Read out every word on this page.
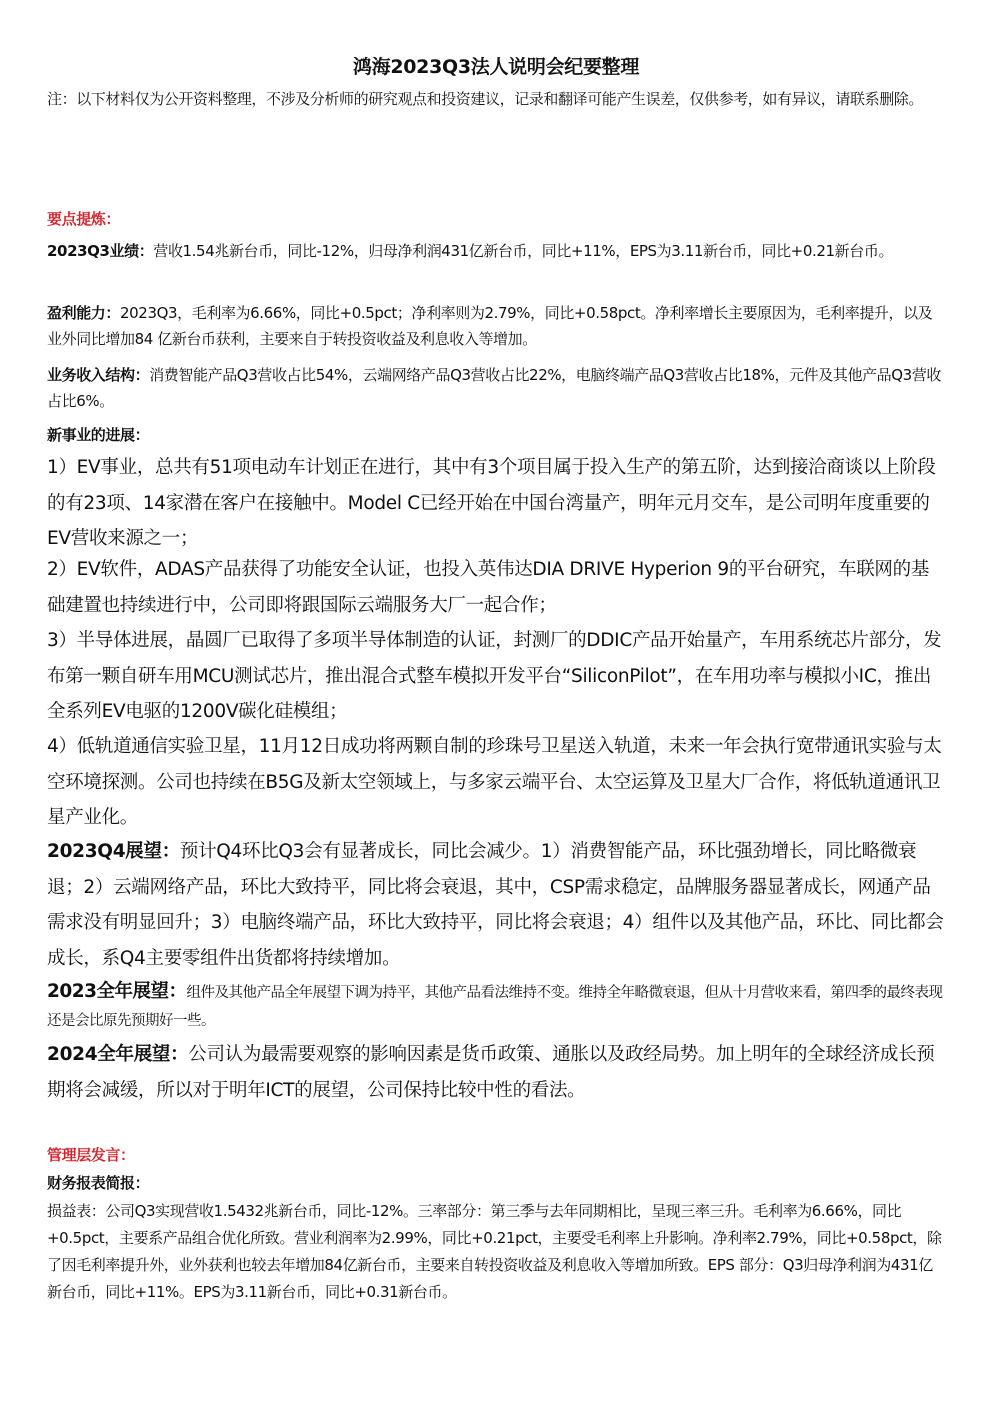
鸿海2023Q3法人说明会纪要整理

注：以下材料仅为公开资料整理，不涉及分析师的研究观点和投资建议，记录和翻译可能产生误差，仅供参考，如有异议，请联系删除。

要点提炼：

2023Q3业绩：营收1.54兆新台币，同比-12%，归母净利润431亿新台币，同比+11%，EPS为3.11新台币，同比+0.21新台币。

盈利能力：2023Q3，毛利率为6.66%，同比+0.5pct；净利率则为2.79%，同比+0.58pct。净利率增长主要原因为，毛利率提升，以及业外同比增加84 亿新台币获利，主要来自于转投资收益及利息收入等增加。

业务收入结构：消费智能产品Q3营收占比54%，云端网络产品Q3营收占比22%，电脑终端产品Q3营收占比18%，元件及其他产品Q3营收占比6%。

新事业的进展：

1）EV事业，总共有51项电动车计划正在进行，其中有3个项目属于投入生产的第五阶，达到接洽商谈以上阶段的有23项、14家潜在客户在接触中。Model C已经开始在中国台湾量产，明年元月交车，是公司明年度重要的EV营收来源之一；

2）EV软件，ADAS产品获得了功能安全认证，也投入英伟达DIA DRIVE Hyperion 9的平台研究，车联网的基础建置也持续进行中，公司即将跟国际云端服务大厂一起合作；

3）半导体进展，晶圆厂已取得了多项半导体制造的认证，封测厂的DDIC产品开始量产，车用系统芯片部分，发布第一颗自研车用MCU测试芯片，推出混合式整车模拟开发平台“SiliconPilot”，在车用功率与模拟小IC，推出全系列EV电驱的1200V碳化硅模组；

4）低轨道通信实验卫星，11月12日成功将两颗自制的珍珠号卫星送入轨道，未来一年会执行宽带通讯实验与太空环境探测。公司也持续在B5G及新太空领域上，与多家云端平台、太空运算及卫星大厂合作，将低轨道通讯卫星产业化。

2023Q4展望：预计Q4环比Q3会有显著成长，同比会减少。1）消费智能产品，环比强劲增长，同比略微衰退；2）云端网络产品，环比大致持平，同比将会衰退，其中，CSP需求稳定，品牌服务器显著成长，网通产品需求没有明显回升；3）电脑终端产品，环比大致持平，同比将会衰退；4）组件以及其他产品，环比、同比都会成长，系Q4主要零组件出货都将持续增加。

2023全年展望：组件及其他产品全年展望下调为持平，其他产品看法维持不变。维持全年略微衰退，但从十月营收来看，第四季的最终表现还是会比原先预期好一些。

2024全年展望：公司认为最需要观察的影响因素是货币政策、通胀以及政经局势。加上明年的全球经济成长预期将会减缓，所以对于明年ICT的展望，公司保持比较中性的看法。

管理层发言：

财务报表简报：

损益表：公司Q3实现营收1.5432兆新台币，同比-12%。三率部分：第三季与去年同期相比，呈现三率三升。毛利率为6.66%，同比+0.5pct，主要系产品组合优化所致。营业利润率为2.99%，同比+0.21pct，主要受毛利率上升影响。净利率2.79%，同比+0.58pct，除了因毛利率提升外，业外获利也较去年增加84亿新台币，主要来自转投资收益及利息收入等增加所致。EPS 部分：Q3归母净利润为431亿新台币，同比+11%。EPS为3.11新台币，同比+0.31新台币。
